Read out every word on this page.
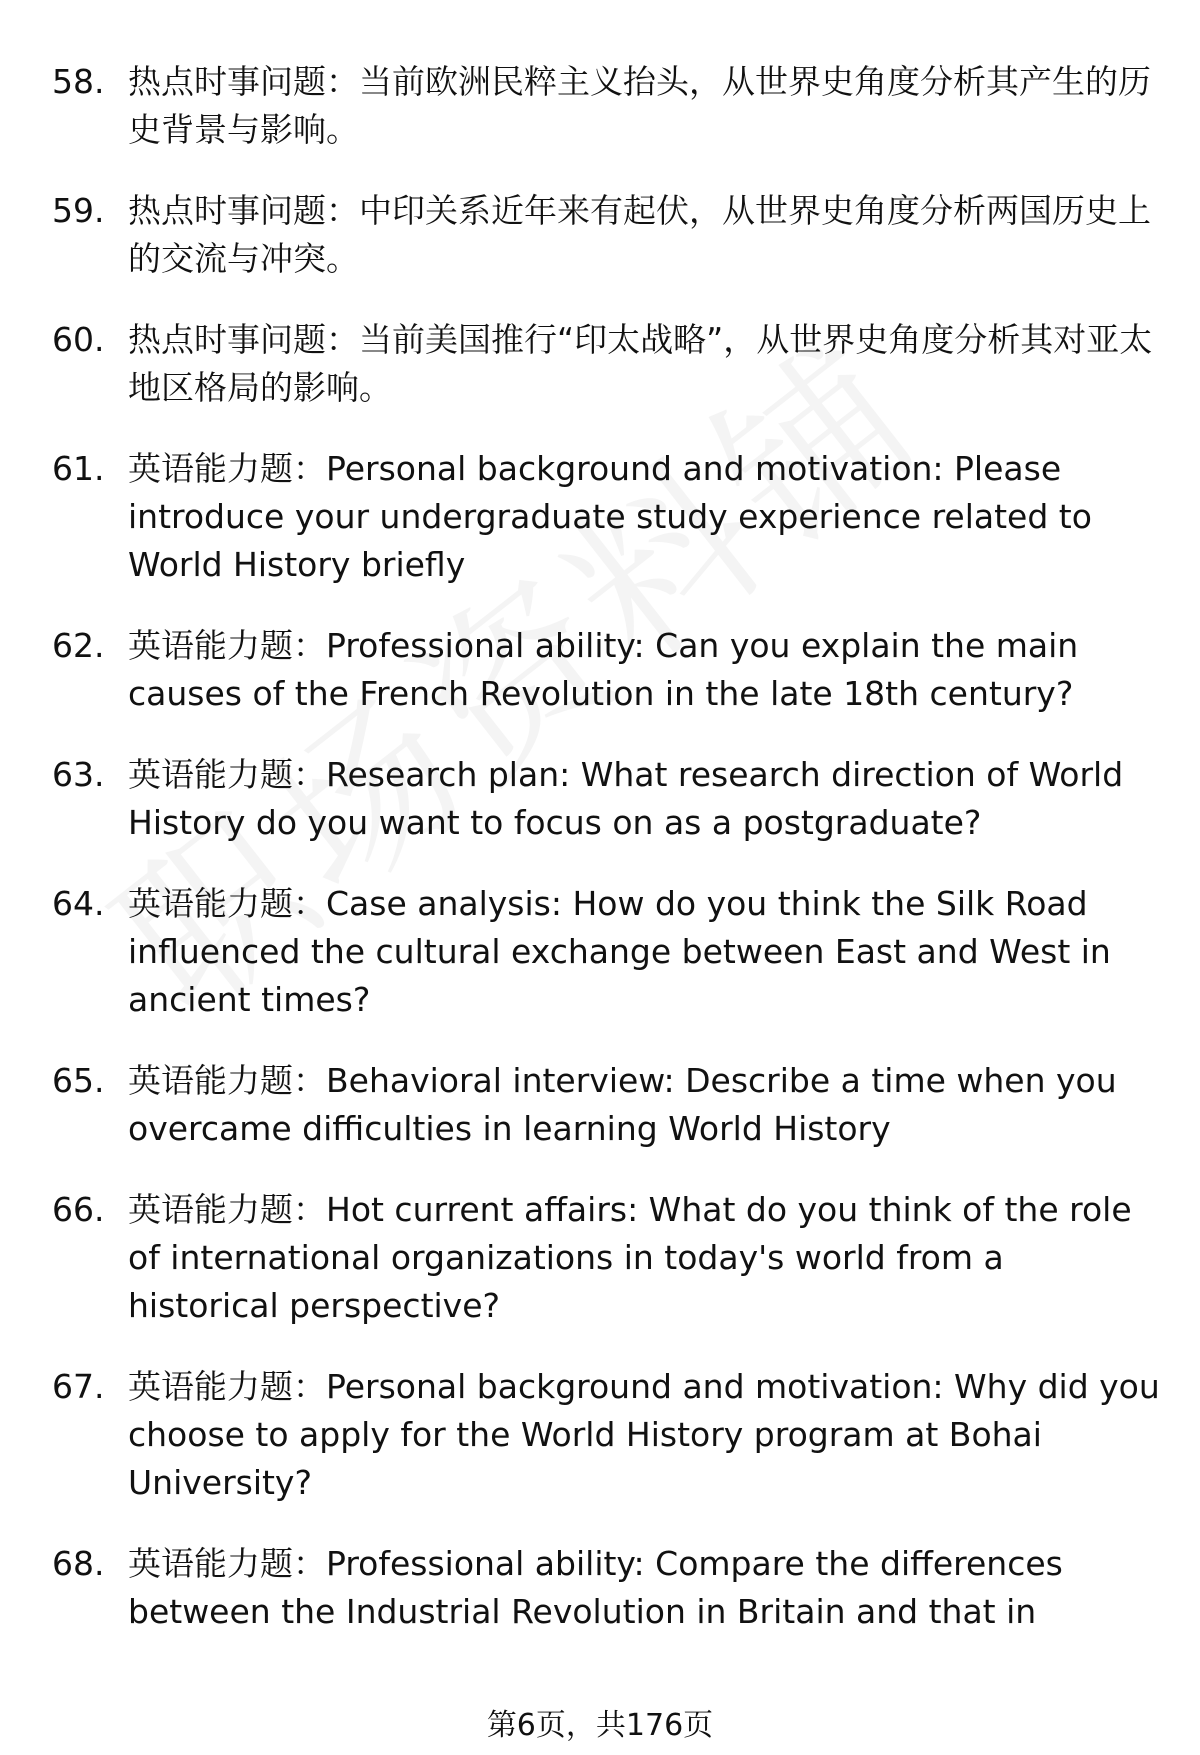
58. 热点时事问题：当前欧洲民粹主义抬头，从世界史角度分析其产生的历史背景与影响。
59. 热点时事问题：中印关系近年来有起伏，从世界史角度分析两国历史上的交流与冲突。
60. 热点时事问题：当前美国推行“印太战略”，从世界史角度分析其对亚太地区格局的影响。
61. 英语能力题：Personal background and motivation: Please introduce your undergraduate study experience related to World History briefly
62. 英语能力题：Professional ability: Can you explain the main causes of the French Revolution in the late 18th century?
63. 英语能力题：Research plan: What research direction of World History do you want to focus on as a postgraduate?
64. 英语能力题：Case analysis: How do you think the Silk Road influenced the cultural exchange between East and West in ancient times?
65. 英语能力题：Behavioral interview: Describe a time when you overcame difficulties in learning World History
66. 英语能力题：Hot current affairs: What do you think of the role of international organizations in today's world from a historical perspective?
67. 英语能力题：Personal background and motivation: Why did you choose to apply for the World History program at Bohai University?
68. 英语能力题：Professional ability: Compare the differences between the Industrial Revolution in Britain and that in
第6页，共176页
